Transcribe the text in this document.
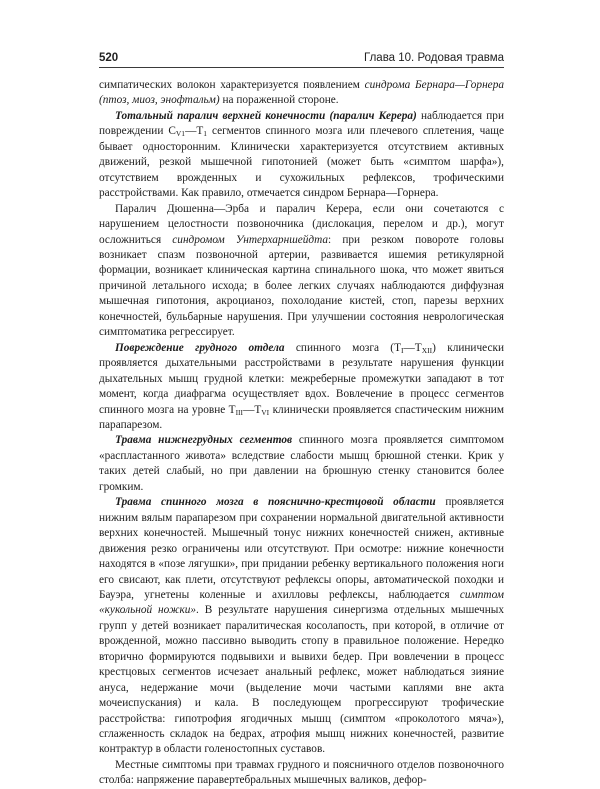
520	Глава 10. Родовая травма

симпатических волокон характеризуется появлением синдрома Бернара—Горнера (птоз, миоз, энофтальм) на пораженной стороне.

Тотальный паралич верхней конечности (паралич Керера) наблюдается при повреждении $C_{V1}—T_1$ сегментов спинного мозга или плечевого сплетения, чаще бывает односторонним. Клинически характеризуется отсутствием активных движений, резкой мышечной гипотонией (может быть «симптом шарфа»), отсутствием врожденных и сухожильных рефлексов, трофическими расстройствами. Как правило, отмечается синдром Бернара—Горнера.

Паралич Дюшенна—Эрба и паралич Керера, если они сочетаются с нарушением целостности позвоночника (дислокация, перелом и др.), могут осложниться синдромом Унтерхарншейдта: при резком повороте головы возникает спазм позвоночной артерии, развивается ишемия ретикулярной формации, возникает клиническая картина спинального шока, что может явиться причиной летального исхода; в более легких случаях наблюдаются диффузная мышечная гипотония, акроцианоз, похолодание кистей, стоп, парезы верхних конечностей, бульбарные нарушения. При улучшении состояния неврологическая симптоматика регрессирует.

Повреждение грудного отдела спинного мозга $(T_I—T_{XII})$ клинически проявляется дыхательными расстройствами в результате нарушения функции дыхательных мышц грудной клетки: межреберные промежутки западают в тот момент, когда диафрагма осуществляет вдох. Вовлечение в процесс сегментов спинного мозга на уровне $T_{III}—T_{VI}$ клинически проявляется спастическим нижним парапарезом.

Травма нижнегрудных сегментов спинного мозга проявляется симптомом «распластанного живота» вследствие слабости мышц брюшной стенки. Крик у таких детей слабый, но при давлении на брюшную стенку становится более громким.

Травма спинного мозга в пояснично-крестцовой области проявляется нижним вялым парапарезом при сохранении нормальной двигательной активности верхних конечностей. Мышечный тонус нижних конечностей снижен, активные движения резко ограничены или отсутствуют. При осмотре: нижние конечности находятся в «позе лягушки», при придании ребенку вертикального положения ноги его свисают, как плети, отсутствуют рефлексы опоры, автоматической походки и Бауэра, угнетены коленные и ахилловы рефлексы, наблюдается симптом «кукольной ножки». В результате нарушения синергизма отдельных мышечных групп у детей возникает паралитическая косолапость, при которой, в отличие от врожденной, можно пассивно выводить стопу в правильное положение. Нередко вторично формируются подвывихи и вывихи бедер. При вовлечении в процесс крестцовых сегментов исчезает анальный рефлекс, может наблюдаться зияние ануса, недержание мочи (выделение мочи частыми каплями вне акта мочеиспускания) и кала. В последующем прогрессируют трофические расстройства: гипотрофия ягодичных мышц (симптом «проколотого мяча»), сглаженность складок на бедрах, атрофия мышц нижних конечностей, развитие контрактур в области голеностопных суставов.

Местные симптомы при травмах грудного и поясничного отделов позвоночного столба: напряжение паравертебральных мышечных валиков, дефор-
